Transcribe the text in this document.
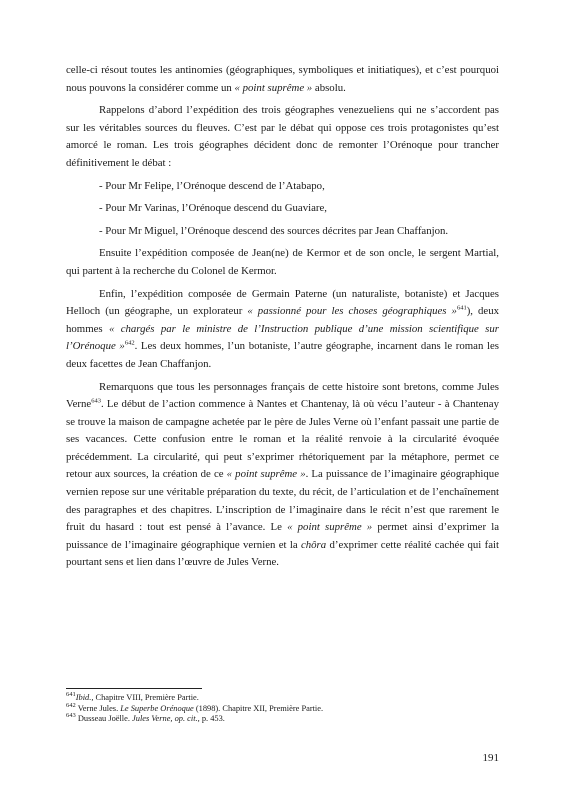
celle-ci résout toutes les antinomies (géographiques, symboliques et initiatiques), et c’est pourquoi nous pouvons la considérer comme un « point suprême » absolu.

Rappelons d’abord l’expédition des trois géographes venezueliens qui ne s’accordent pas sur les véritables sources du fleuves. C’est par le débat qui oppose ces trois protagonistes qu’est amorcé le roman. Les trois géographes décident donc de remonter l’Orénoque pour trancher définitivement le débat :

- Pour Mr Felipe, l’Orénoque descend de l’Atabapo,

- Pour Mr Varinas, l’Orénoque descend du Guaviare,

- Pour Mr Miguel, l’Orénoque descend des sources décrites par Jean Chaffanjon.

Ensuite l’expédition composée de Jean(ne) de Kermor et de son oncle, le sergent Martial, qui partent à la recherche du Colonel de Kermor.

Enfin, l’expédition composée de Germain Paterne (un naturaliste, botaniste) et Jacques Helloch (un géographe, un explorateur « passionné pour les choses géographiques »$^{641}$), deux hommes « chargés par le ministre de l’Instruction publique d’une mission scientifique sur l’Orénoque »$^{642}$. Les deux hommes, l’un botaniste, l’autre géographe, incarnent dans le roman les deux facettes de Jean Chaffanjon.

Remarquons que tous les personnages français de cette histoire sont bretons, comme Jules Verne$^{643}$. Le début de l’action commence à Nantes et Chantenay, là où vécu l’auteur - à Chantenay se trouve la maison de campagne achetée par le père de Jules Verne où l’enfant passait une partie de ses vacances. Cette confusion entre le roman et la réalité renvoie à la circularité évoquée précédemment. La circularité, qui peut s’exprimer rhétoriquement par la métaphore, permet ce retour aux sources, la création de ce « point suprême ». La puissance de l’imaginaire géographique vernien repose sur une véritable préparation du texte, du récit, de l’articulation et de l’enchaînement des paragraphes et des chapitres. L’inscription de l’imaginaire dans le récit n’est que rarement le fruit du hasard : tout est pensé à l’avance. Le « point suprême » permet ainsi d’exprimer la puissance de l’imaginaire géographique vernien et la chôra d’exprimer cette réalité cachée qui fait pourtant sens et lien dans l’œuvre de Jules Verne.

$^{641}$Ibid., Chapitre VIII, Première Partie.
$^{642}$ Verne Jules. Le Superbe Orénoque (1898). Chapitre XII, Première Partie.
$^{643}$ Dusseau Joëlle. Jules Verne, op. cit., p. 453.
191
